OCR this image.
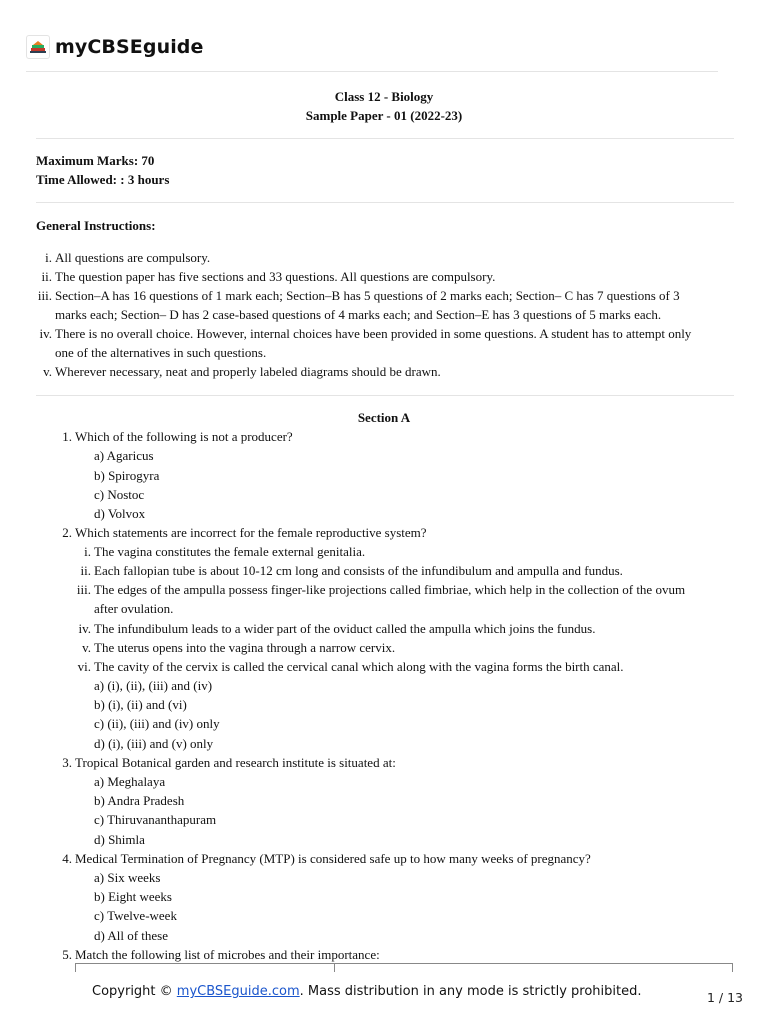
myCBSEguide
Class 12 - Biology
Sample Paper - 01 (2022-23)
Maximum Marks: 70
Time Allowed: : 3 hours
General Instructions:
i. All questions are compulsory.
ii. The question paper has five sections and 33 questions. All questions are compulsory.
iii. Section–A has 16 questions of 1 mark each; Section–B has 5 questions of 2 marks each; Section– C has 7 questions of 3
marks each; Section– D has 2 case-based questions of 4 marks each; and Section–E has 3 questions of 5 marks each.
iv. There is no overall choice. However, internal choices have been provided in some questions. A student has to attempt only
one of the alternatives in such questions.
v. Wherever necessary, neat and properly labeled diagrams should be drawn.
Section A
1. Which of the following is not a producer?
a) Agaricus
b) Spirogyra
c) Nostoc
d) Volvox
2. Which statements are incorrect for the female reproductive system?
i. The vagina constitutes the female external genitalia.
ii. Each fallopian tube is about 10-12 cm long and consists of the infundibulum and ampulla and fundus.
iii. The edges of the ampulla possess finger-like projections called fimbriae, which help in the collection of the ovum
after ovulation.
iv. The infundibulum leads to a wider part of the oviduct called the ampulla which joins the fundus.
v. The uterus opens into the vagina through a narrow cervix.
vi. The cavity of the cervix is called the cervical canal which along with the vagina forms the birth canal.
a) (i), (ii), (iii) and (iv)
b) (i), (ii) and (vi)
c) (ii), (iii) and (iv) only
d) (i), (iii) and (v) only
3. Tropical Botanical garden and research institute is situated at:
a) Meghalaya
b) Andra Pradesh
c) Thiruvananthapuram
d) Shimla
4. Medical Termination of Pregnancy (MTP) is considered safe up to how many weeks of pregnancy?
a) Six weeks
b) Eight weeks
c) Twelve-week
d) All of these
5. Match the following list of microbes and their importance:
Copyright © myCBSEguide.com. Mass distribution in any mode is strictly prohibited.	1 / 13
